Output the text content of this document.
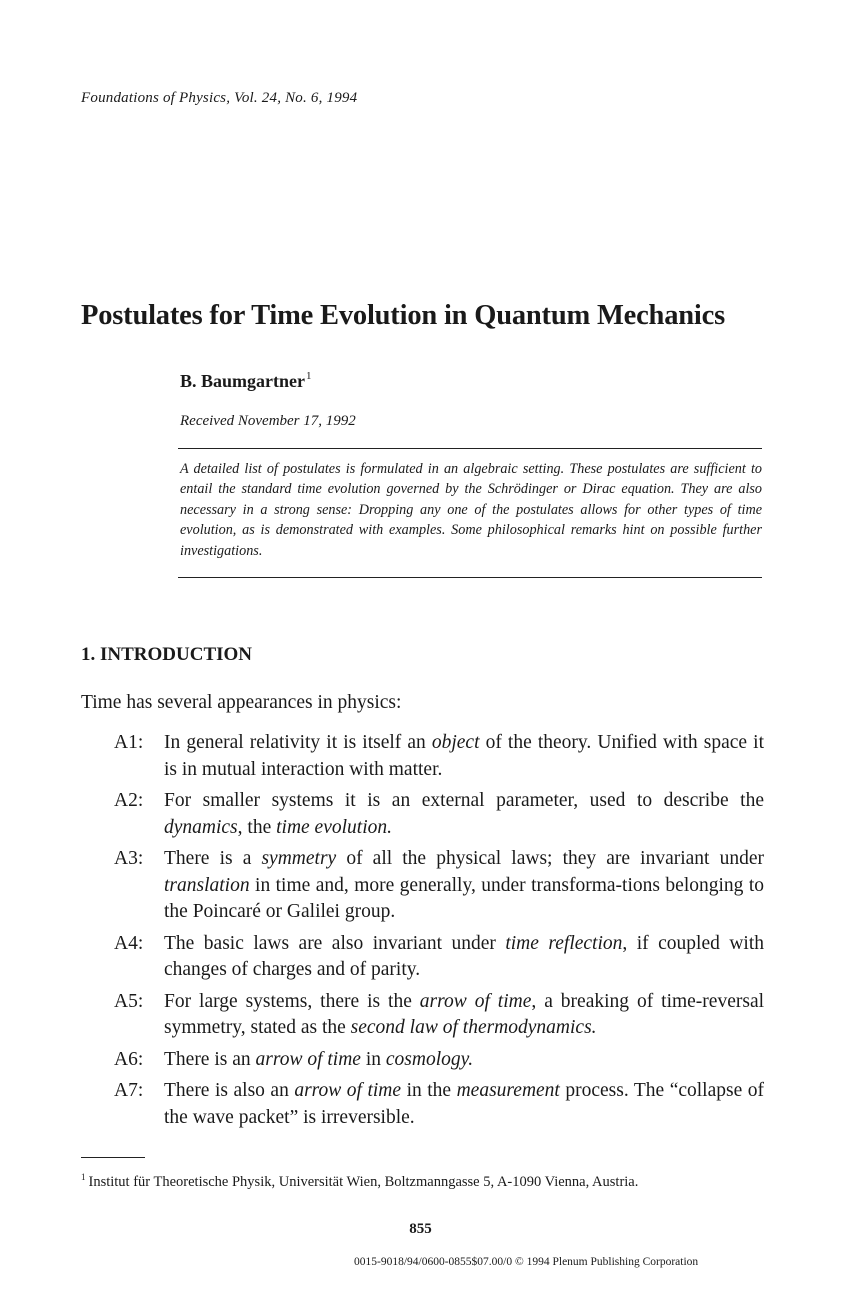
Foundations of Physics, Vol. 24, No. 6, 1994
Postulates for Time Evolution in Quantum Mechanics
B. Baumgartner$^1$
Received November 17, 1992
A detailed list of postulates is formulated in an algebraic setting. These postulates are sufficient to entail the standard time evolution governed by the Schrödinger or Dirac equation. They are also necessary in a strong sense: Dropping any one of the postulates allows for other types of time evolution, as is demonstrated with examples. Some philosophical remarks hint on possible further investigations.
1. INTRODUCTION
Time has several appearances in physics:
A1:	In general relativity it is itself an object of the theory. Unified with space it is in mutual interaction with matter.
A2:	For smaller systems it is an external parameter, used to describe the dynamics, the time evolution.
A3:	There is a symmetry of all the physical laws; they are invariant under translation in time and, more generally, under transforma-tions belonging to the Poincaré or Galilei group.
A4:	The basic laws are also invariant under time reflection, if coupled with changes of charges and of parity.
A5:	For large systems, there is the arrow of time, a breaking of time-reversal symmetry, stated as the second law of thermodynamics.
A6:	There is an arrow of time in cosmology.
A7:	There is also an arrow of time in the measurement process. The “collapse of the wave packet” is irreversible.
$^1$ Institut für Theoretische Physik, Universität Wien, Boltzmanngasse 5, A-1090 Vienna, Austria.
855
0015-9018/94/0600-0855$07.00/0 © 1994 Plenum Publishing Corporation
